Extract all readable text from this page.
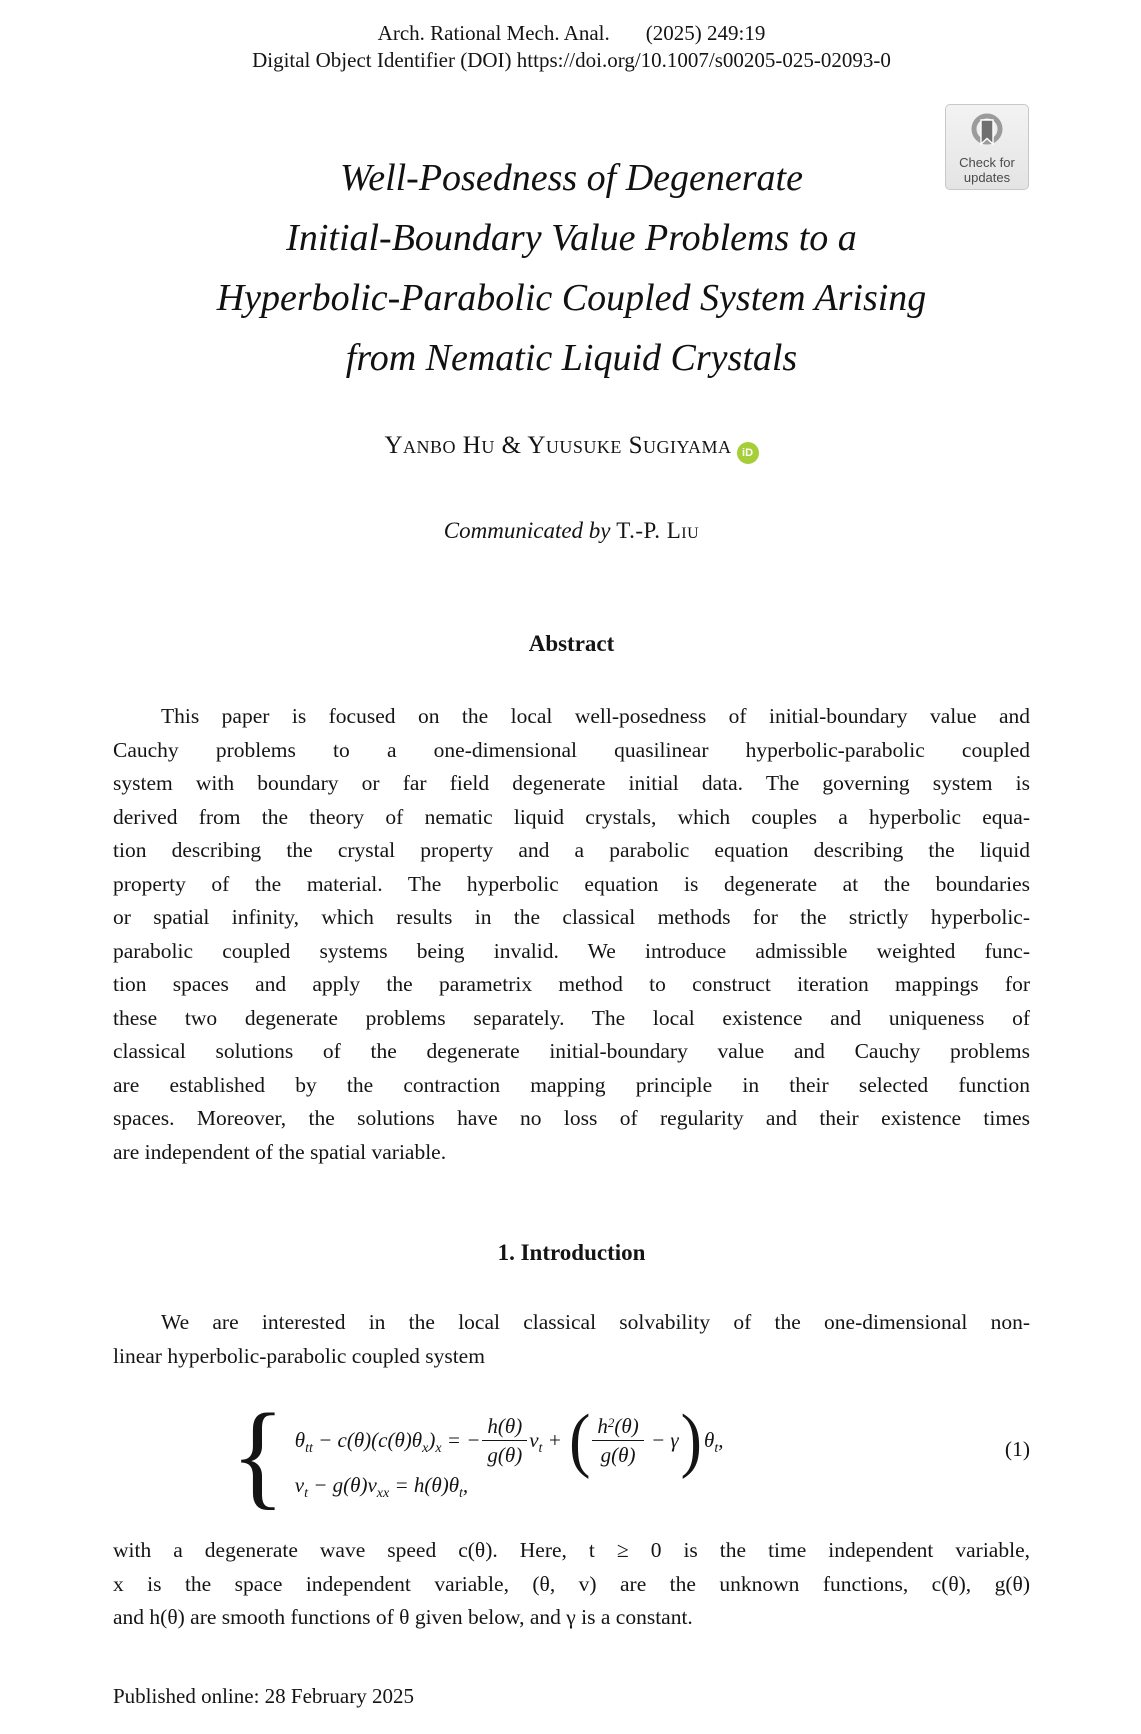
Arch. Rational Mech. Anal. (2025) 249:19
Digital Object Identifier (DOI) https://doi.org/10.1007/s00205-025-02093-0
Check for
updates
Well-Posedness of Degenerate
Initial-Boundary Value Problems to a
Hyperbolic-Parabolic Coupled System Arising
from Nematic Liquid Crystals
Yanbo Hu & Yuusuke Sugiyama iD
Communicated by T.-P. Liu
Abstract
This paper is focused on the local well-posedness of initial-boundary value and
Cauchy problems to a one-dimensional quasilinear hyperbolic-parabolic coupled
system with boundary or far field degenerate initial data. The governing system is
derived from the theory of nematic liquid crystals, which couples a hyperbolic equa-
tion describing the crystal property and a parabolic equation describing the liquid
property of the material. The hyperbolic equation is degenerate at the boundaries
or spatial infinity, which results in the classical methods for the strictly hyperbolic-
parabolic coupled systems being invalid. We introduce admissible weighted func-
tion spaces and apply the parametrix method to construct iteration mappings for
these two degenerate problems separately. The local existence and uniqueness of
classical solutions of the degenerate initial-boundary value and Cauchy problems
are established by the contraction mapping principle in their selected function
spaces. Moreover, the solutions have no loss of regularity and their existence times
are independent of the spatial variable.
1. Introduction
We are interested in the local classical solvability of the one-dimensional non-
linear hyperbolic-parabolic coupled system
{ $\theta_{tt} - c(\theta)(c(\theta)\theta_x)_x$ = − $\frac{h(\theta)}{g(\theta)} v_t$ + ( $\frac{h^2(\theta)}{g(\theta)} - \gamma$ ) $\theta_t$,
$v_t - g(\theta)v_{xx} = h(\theta)\theta_t$,
(1)
with a degenerate wave speed c(θ). Here, t ≥ 0 is the time independent variable,
x is the space independent variable, (θ, v) are the unknown functions, c(θ), g(θ)
and h(θ) are smooth functions of θ given below, and γ is a constant.
Published online: 28 February 2025
